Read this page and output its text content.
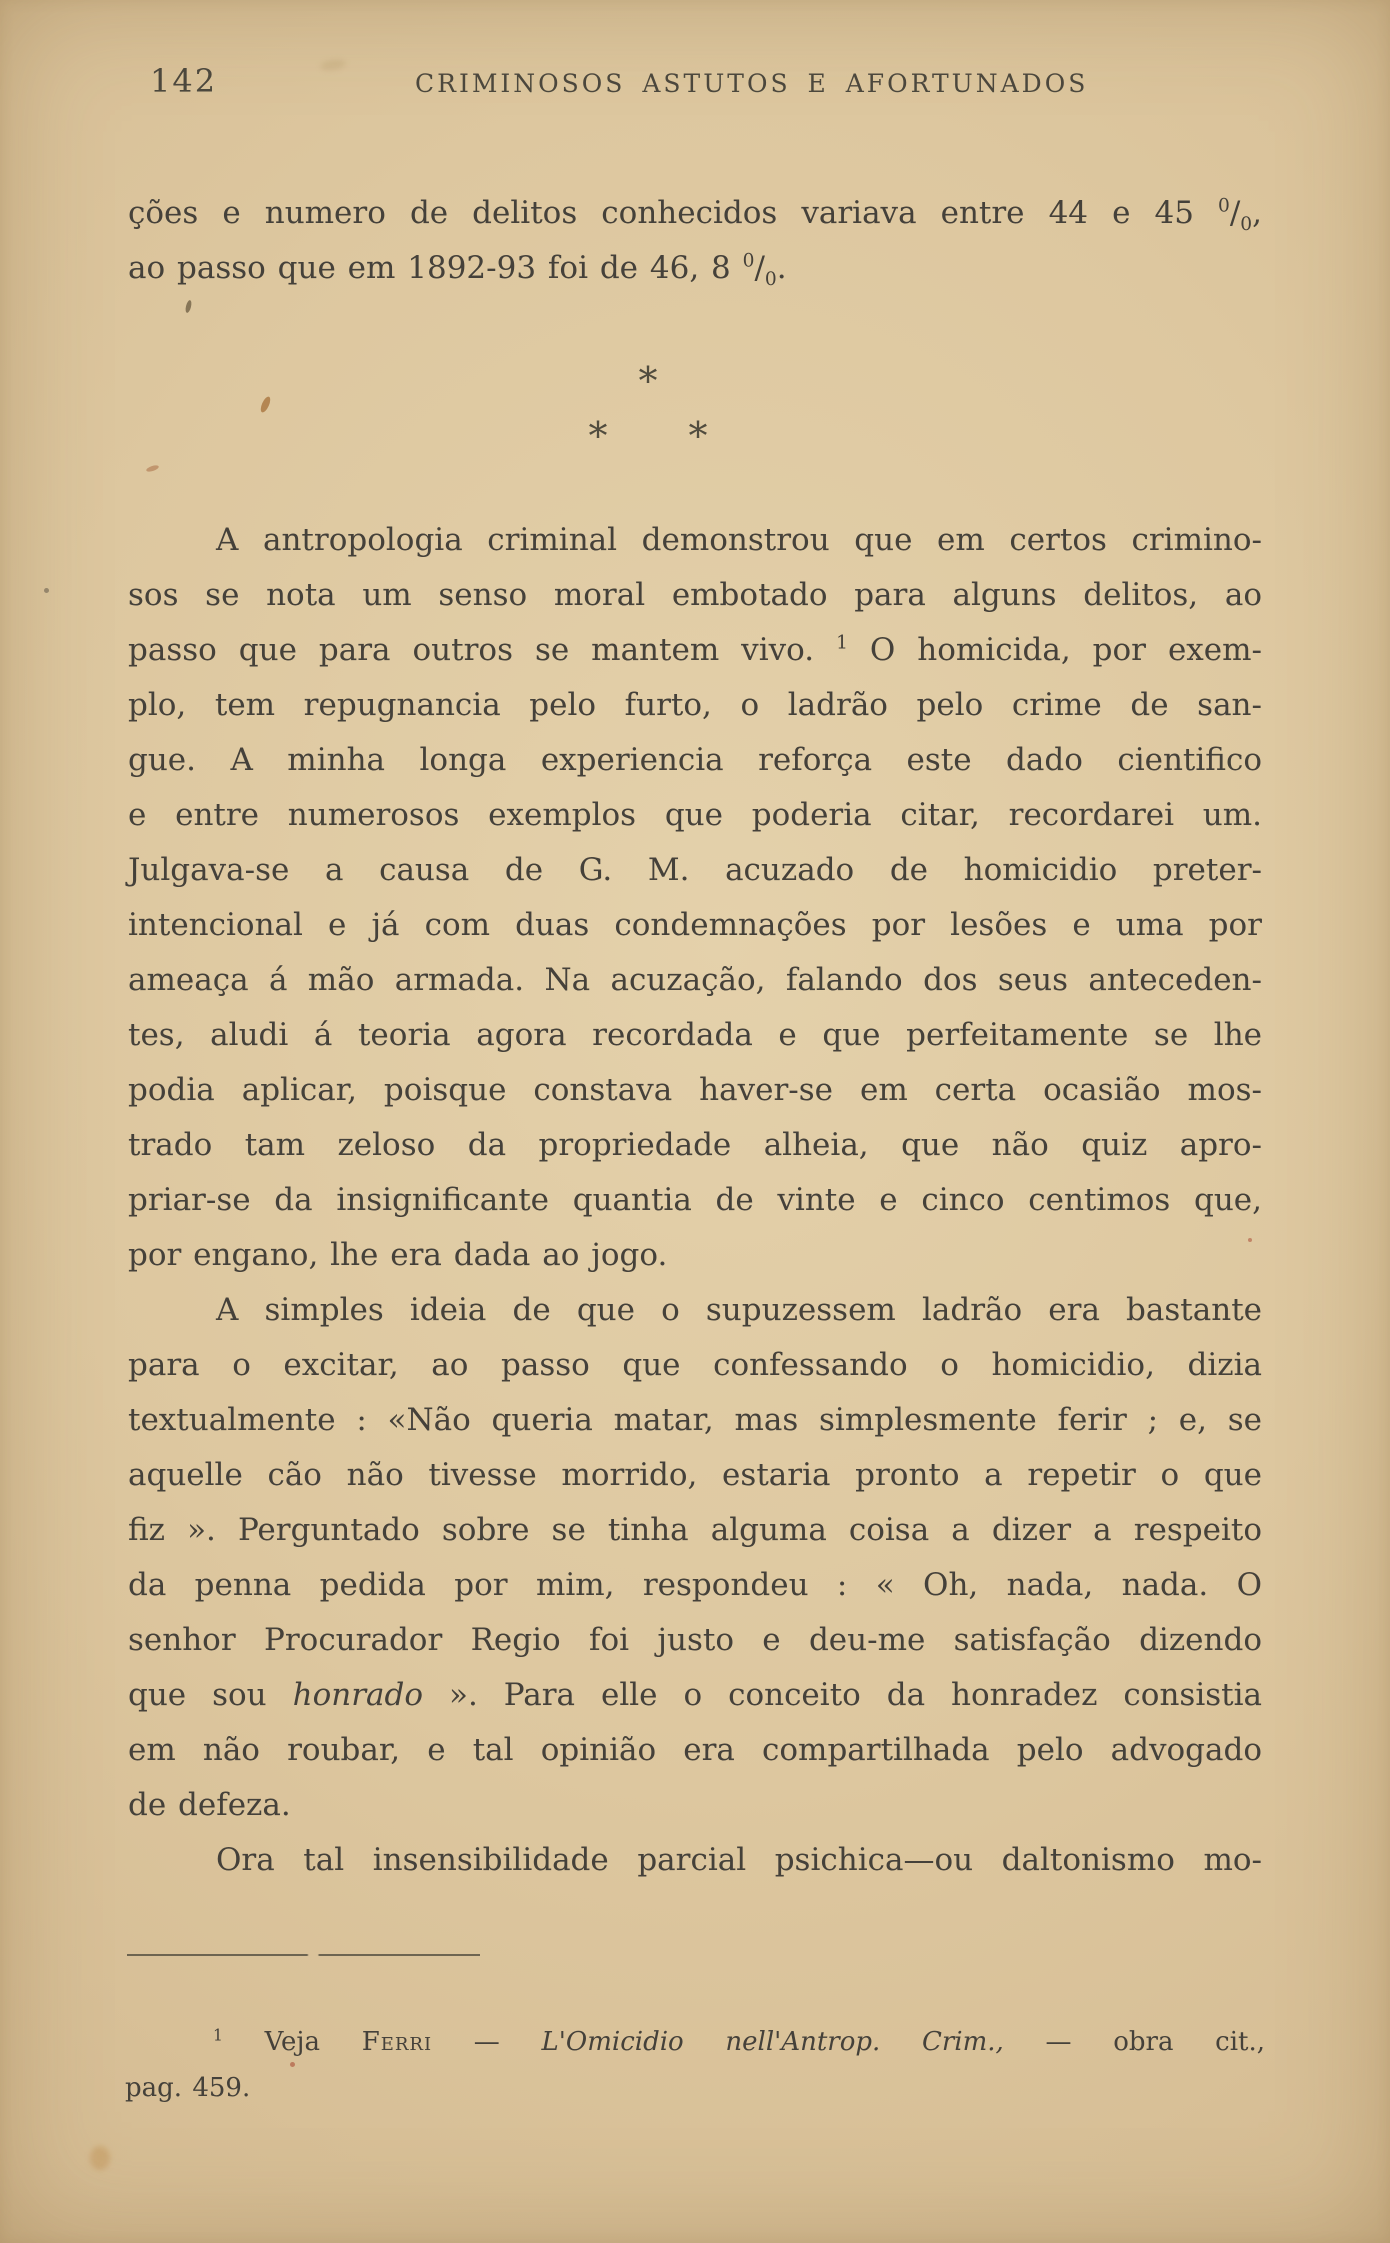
142	CRIMINOSOS ASTUTOS E AFORTUNADOS
ções e numero de delitos conhecidos variava entre 44 e 45 $^0/_0$,
ao passo que em 1892-93 foi de 46, 8 $^0/_0$.
*
* *
A antropologia criminal demonstrou que em certos crimino-
sos se nota um senso moral embotado para alguns delitos, ao
passo que para outros se mantem vivo. $^1$ O homicida, por exem-
plo, tem repugnancia pelo furto, o ladrão pelo crime de san-
gue. A minha longa experiencia reforça este dado cientifico
e entre numerosos exemplos que poderia citar, recordarei um.
Julgava-se a causa de G. M. acuzado de homicidio preter-
intencional e já com duas condemnações por lesões e uma por
ameaça á mão armada. Na acuzação, falando dos seus anteceden-
tes, aludi á teoria agora recordada e que perfeitamente se lhe
podia aplicar, poisque constava haver-se em certa ocasião mos-
trado tam zeloso da propriedade alheia, que não quiz apro-
priar-se da insignificante quantia de vinte e cinco centimos que,
por engano, lhe era dada ao jogo.
A simples ideia de que o supuzessem ladrão era bastante
para o excitar, ao passo que confessando o homicidio, dizia
textualmente : «Não queria matar, mas simplesmente ferir ; e, se
aquelle cão não tivesse morrido, estaria pronto a repetir o que
fiz ». Perguntado sobre se tinha alguma coisa a dizer a respeito
da penna pedida por mim, respondeu : « Oh, nada, nada. O
senhor Procurador Regio foi justo e deu-me satisfação dizendo
que sou honrado ». Para elle o conceito da honradez consistia
em não roubar, e tal opinião era compartilhada pelo advogado
de defeza.
Ora tal insensibilidade parcial psichica—ou daltonismo mo-
$^1$ Veja Ferri — L'Omicidio nell'Antrop. Crim., — obra cit.,
pag. 459.
